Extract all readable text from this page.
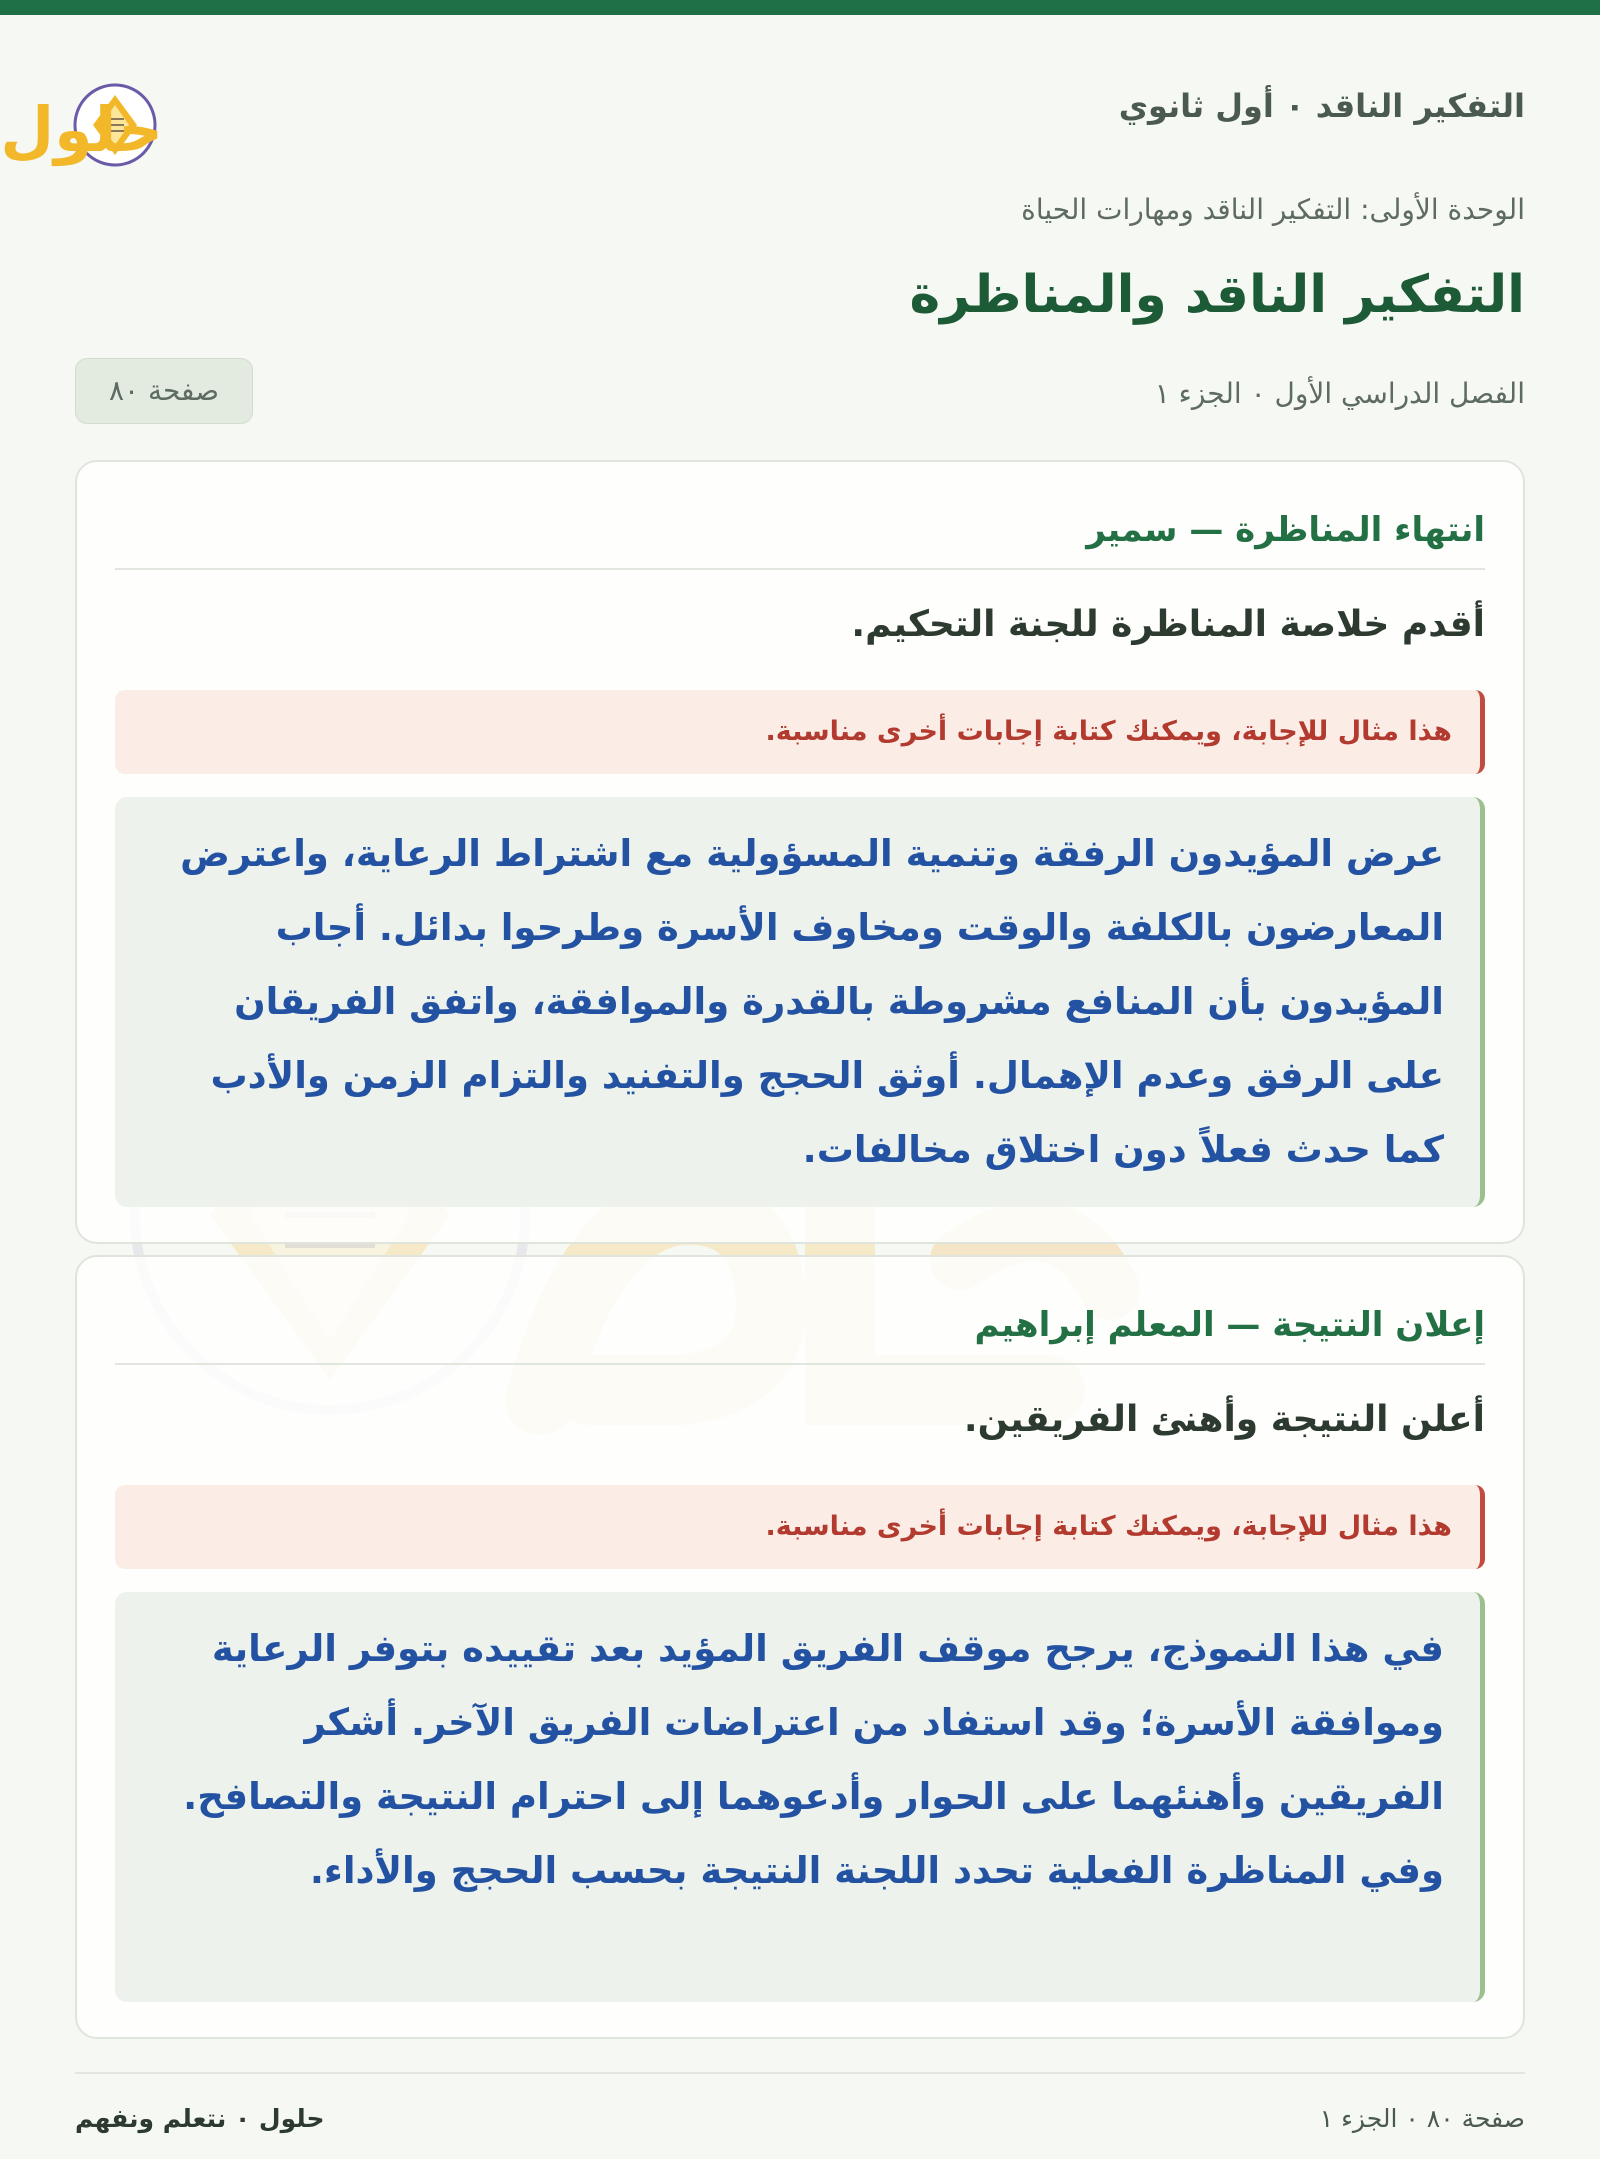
التفكير الناقد ٠ أول ثانوي
حلول
الوحدة الأولى: التفكير الناقد ومهارات الحياة
التفكير الناقد والمناظرة
الفصل الدراسي الأول ٠ الجزء ١
صفحة ٨٠
انتهاء المناظرة — سمير
أقدم خلاصة المناظرة للجنة التحكيم.
هذا مثال للإجابة، ويمكنك كتابة إجابات أخرى مناسبة.
عرض المؤيدون الرفقة وتنمية المسؤولية مع اشتراط الرعاية، واعترض المعارضون بالكلفة والوقت ومخاوف الأسرة وطرحوا بدائل. أجاب المؤيدون بأن المنافع مشروطة بالقدرة والموافقة، واتفق الفريقان على الرفق وعدم الإهمال. أوثق الحجج والتفنيد والتزام الزمن والأدب كما حدث فعلاً دون اختلاق مخالفات.
إعلان النتيجة — المعلم إبراهيم
أعلن النتيجة وأهنئ الفريقين.
هذا مثال للإجابة، ويمكنك كتابة إجابات أخرى مناسبة.
في هذا النموذج، يرجح موقف الفريق المؤيد بعد تقييده بتوفر الرعاية وموافقة الأسرة؛ وقد استفاد من اعتراضات الفريق الآخر. أشكر الفريقين وأهنئهما على الحوار وأدعوهما إلى احترام النتيجة والتصافح. وفي المناظرة الفعلية تحدد اللجنة النتيجة بحسب الحجج والأداء.
صفحة ٨٠ ٠ الجزء ١
حلول ٠ نتعلم ونفهم
